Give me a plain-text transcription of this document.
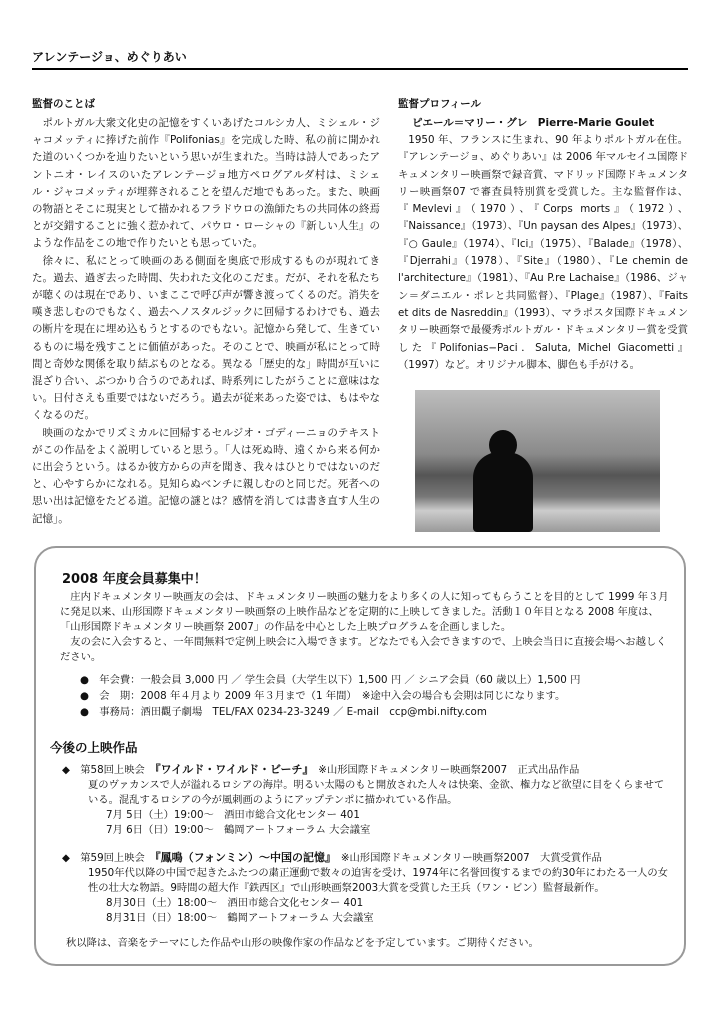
アレンテージョ、めぐりあい
監督のことば

ポルトガル大衆文化史の記憶をすくいあげたコルシカ人、ミシェル・ジャコメッティに捧げた前作『Polifonias』を完成した時、私の前に開かれた道のいくつかを辿りたいという思いが生まれた。当時は詩人であったアントニオ・レイスのいたアレンテージョ地方ペログアルダ村は、ミシェル・ジャコメッティが埋葬されることを望んだ地でもあった。また、映画の物語とそこに現実として描かれるフラドウロの漁師たちの共同体の終焉とが交錯することに強く惹かれて、パウロ・ローシャの『新しい人生』のような作品をこの地で作りたいとも思っていた。

徐々に、私にとって映画のある側面を奥底で形成するものが現れてきた。過去、過ぎ去った時間、失われた文化のこだま。だが、それを私たちが聴くのは現在であり、いまここで呼び声が響き渡ってくるのだ。消失を嘆き悲しむのでもなく、過去へノスタルジックに回帰するわけでも、過去の断片を現在に埋め込もうとするのでもない。記憶から発して、生きているものに場を残すことに価値があった。そのことで、映画が私にとって時間と奇妙な関係を取り結ぶものとなる。異なる「歴史的な」時間が互いに混ざり合い、ぶつかり合うのであれば、時系列にしたがうことに意味はない。日付さえも重要ではないだろう。過去が従来あった姿では、もはやなくなるのだ。

映画のなかでリズミカルに回帰するセルジオ・ゴディーニョのテキストがこの作品をよく説明していると思う。「人は死ぬ時、遠くから来る何かに出会うという。はるか彼方からの声を聞き、我々はひとりではないのだと、心やすらかになれる。見知らぬベンチに親しむのと同じだ。死者への思い出は記憶をたどる道。記憶の謎とは？感情を消しては書き直す人生の記憶」。

監督プロフィール
ピエール＝マリー・グレ　Pierre-Marie Goulet

1950 年、フランスに生まれ、90 年よりポルトガル在住。『アレンテージョ、めぐりあい』は 2006 年マルセイユ国際ドキュメンタリー映画祭で録音賞、マドリッド国際ドキュメンタリー映画祭07 で審査員特別賞を受賞した。主な監督作は、『Mevlevi』（1970）、『Corps morts』（1972）、『Naissance』（1973）、『Un paysan des Alpes』（1973）、『○ Gaule』（1974）、『Ici』（1975）、『Balade』（1978）、『Djerrahi』（1978）、『Site』（1980）、『Le chemin de l'architecture』（1981）、『Au P.re Lachaise』（1986、ジャン＝ダニエル・ポレと共同監督）、『Plage』（1987）、『Faits et dits de Nasreddin』（1993）、マラポスタ国際ドキュメンタリー映画祭で最優秀ポルトガル・ドキュメンタリー賞を受賞した『Polifonias−Paci．Saluta, Michel Giacometti』（1997）など。オリジナル脚本、脚色も手がける。

2008 年度会員募集中！

庄内ドキュメンタリー映画友の会は、ドキュメンタリー映画の魅力をより多くの人に知ってもらうことを目的として 1999 年３月に発足以来、山形国際ドキュメンタリー映画祭の上映作品などを定期的に上映してきました。活動１０年目となる 2008 年度は、「山形国際ドキュメンタリー映画祭 2007」の作品を中心とした上映プログラムを企画しました。

友の会に入会すると、一年間無料で定例上映会に入場できます。どなたでも入会できますので、上映会当日に直接会場へお越しください。

●　年会費：一般会員 3,000 円 ／ 学生会員（大学生以下）1,500 円 ／ シニア会員（60 歳以上）1,500 円
●　会　期：2008 年４月より 2009 年３月まで（1 年間）　※途中入会の場合も会期は同じになります。
●　事務局：酒田觀子劇場　TEL/FAX 0234-23-3249 ／ E-mail　ccp@mbi.nifty.com
今後の上映作品
◆　第58回上映会　『ワイルド・ワイルド・ビーチ』　※山形国際ドキュメンタリー映画祭2007　正式出品作品
夏のヴァカンスで人が溢れるロシアの海岸。明るい太陽のもと開放された人々は快楽、金欲、権力など欲望に目をくらませている。混乱するロシアの今が風刺画のようにアップテンポに描かれている作品。
7月 5日（土）19:00～　酒田市総合文化センター 401
7月 6日（日）19:00～　鶴岡アートフォーラム 大会議室
◆　第59回上映会　『鳳鳴（フォンミン）～中国の記憶』　※山形国際ドキュメンタリー映画祭2007　大賞受賞作品
1950年代以降の中国で起きたふたつの粛正運動で数々の迫害を受け、1974年に名誉回復するまでの約30年にわたる一人の女性の壮大な物語。9時間の超大作『鉄西区』で山形映画祭2003大賞を受賞した王兵（ワン・ビン）監督最新作。
8月30日（土）18:00～　酒田市総合文化センター 401
8月31日（日）18:00～　鶴岡アートフォーラム 大会議室
秋以降は、音楽をテーマにした作品や山形の映像作家の作品などを予定しています。ご期待ください。
